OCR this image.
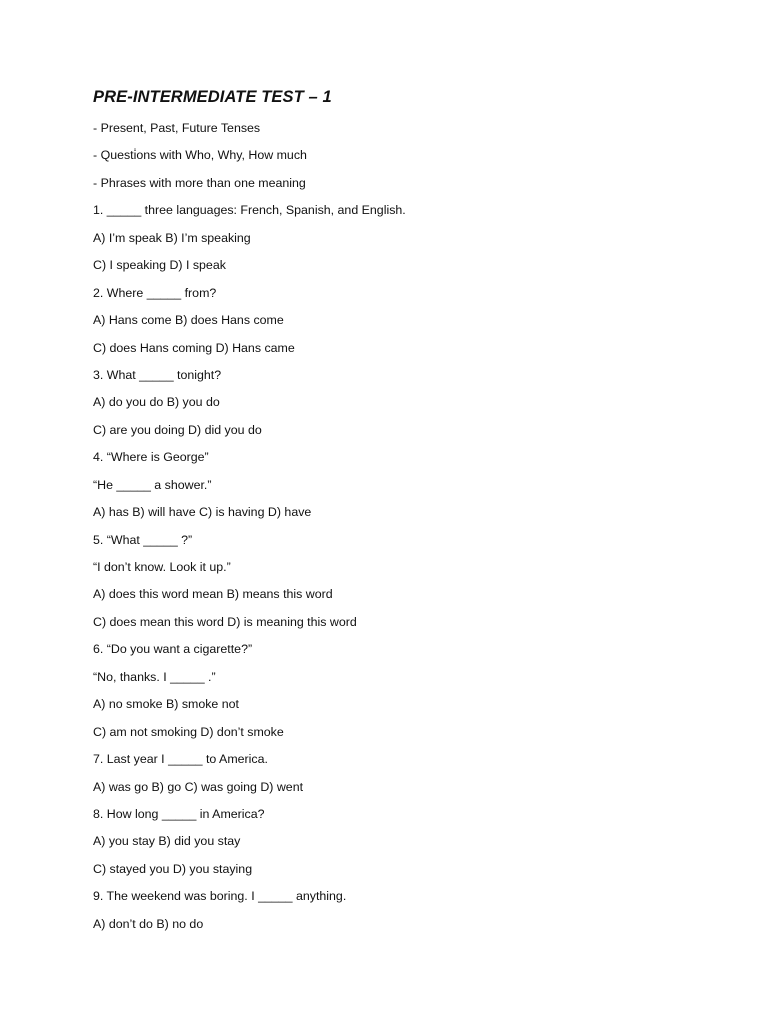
PRE-INTERMEDIATE TEST – 1
- Present, Past, Future Tenses
- Questi̇ons with Who, Why, How much
- Phrases with more than one meaning
1. _____ three languages: French, Spanish, and English.
A) I’m speak B) I’m speaking
C) I speaking D) I speak
2. Where _____ from?
A) Hans come B) does Hans come
C) does Hans coming D) Hans came
3. What _____ tonight?
A) do you do B) you do
C) are you doing D) did you do
4. “Where is George”
“He _____ a shower.”
A) has B) will have C) is having D) have
5. “What _____ ?”
“I don’t know. Look it up.”
A) does this word mean B) means this word
C) does mean this word D) is meaning this word
6. “Do you want a cigarette?”
“No, thanks. I _____ .”
A) no smoke B) smoke not
C) am not smoking D) don’t smoke
7. Last year I _____ to America.
A) was go B) go C) was going D) went
8. How long _____ in America?
A) you stay B) did you stay
C) stayed you D) you staying
9. The weekend was boring. I _____ anything.
A) don’t do B) no do
